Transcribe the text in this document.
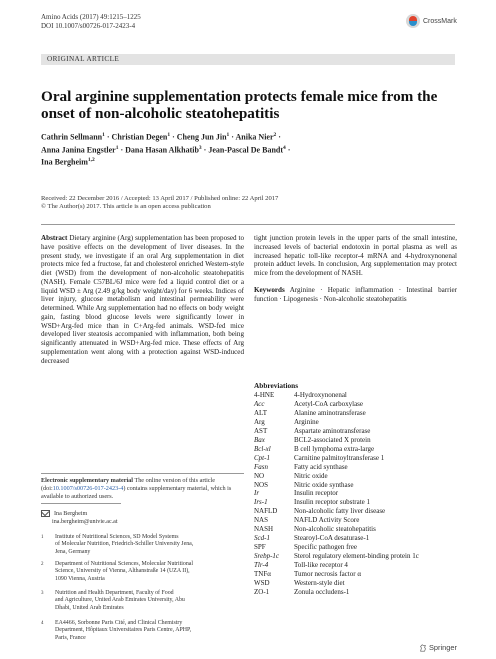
Amino Acids (2017) 49:1215–1225
DOI 10.1007/s00726-017-2423-4
CrossMark
ORIGINAL ARTICLE
Oral arginine supplementation protects female mice from the onset of non-alcoholic steatohepatitis
Cathrin Sellmann$^1$ · Christian Degen$^1$ · Cheng Jun Jin$^1$ · Anika Nier$^2$ ·
Anna Janina Engstler$^1$ · Dana Hasan Alkhatib$^3$ · Jean-Pascal De Bandt$^4$ ·
Ina Bergheim$^{1,2}$
Received: 22 December 2016 / Accepted: 13 April 2017 / Published online: 22 April 2017
© The Author(s) 2017. This article is an open access publication
Abstract Dietary arginine (Arg) supplementation has been proposed to have positive effects on the development of liver diseases. In the present study, we investigate if an oral Arg supplementation in diet protects mice fed a fructose, fat and cholesterol enriched Western-style diet (WSD) from the development of non-alcoholic steatohepatitis (NASH). Female C57BL/6J mice were fed a liquid control diet or a liquid WSD ± Arg (2.49 g/kg body weight/day) for 6 weeks. Indices of liver injury, glucose metabolism and intestinal permeability were determined. While Arg supplementation had no effects on body weight gain, fasting blood glucose levels were significantly lower in WSD+Arg-fed mice than in C+Arg-fed animals. WSD-fed mice developed liver steatosis accompanied with inflammation, both being significantly attenuated in WSD+Arg-fed mice. These effects of Arg supplementation went along with a protection against WSD-induced decreased
tight junction protein levels in the upper parts of the small intestine, increased levels of bacterial endotoxin in portal plasma as well as increased hepatic toll-like receptor-4 mRNA and 4-hydroxynonenal protein adduct levels. In conclusion, Arg supplementation may protect mice from the development of NASH.
Keywords Arginine · Hepatic inflammation · Intestinal barrier function · Lipogenesis · Non-alcoholic steatohepatitis
Electronic supplementary material The online version of this article (doi:10.1007/s00726-017-2423-4) contains supplementary material, which is available to authorized users.
Ina Bergheim
ina.bergheim@univie.ac.at
1 Institute of Nutritional Sciences, SD Model Systems
of Molecular Nutrition, Friedrich-Schiller University Jena,
Jena, Germany
2 Department of Nutritional Sciences, Molecular Nutritional
Science, University of Vienna, Althanstraße 14 (UZA II),
1090 Vienna, Austria
3 Nutrition and Health Department, Faculty of Food
and Agriculture, United Arab Emirates University, Abu
Dhabi, United Arab Emirates
4 EA4466, Sorbonne Paris Cité, and Clinical Chemistry
Department, Hôpitaux Universitaires Paris Centre, APHP,
Paris, France
Abbreviations
4-HNE	4-Hydroxynonenal
Acc	Acetyl-CoA carboxylase
ALT	Alanine aminotransferase
Arg	Arginine
AST	Aspartate aminotransferase
Bax	BCL2-associated X protein
Bcl-xl	B cell lymphoma extra-large
Cpt-1	Carnitine palmitoyltransferase 1
Fasn	Fatty acid synthase
NO	Nitric oxide
NOS	Nitric oxide synthase
Ir	Insulin receptor
Irs-1	Insulin receptor substrate 1
NAFLD	Non-alcoholic fatty liver disease
NAS	NAFLD Activity Score
NASH	Non-alcoholic steatohepatitis
Scd-1	Stearoyl-CoA desaturase-1
SPF	Specific pathogen free
Srebp-1c	Sterol regulatory element-binding protein 1c
Tlr-4	Toll-like receptor 4
TNFα	Tumor necrosis factor α
WSD	Western-style diet
ZO-1	Zonula occludens-1
Springer
